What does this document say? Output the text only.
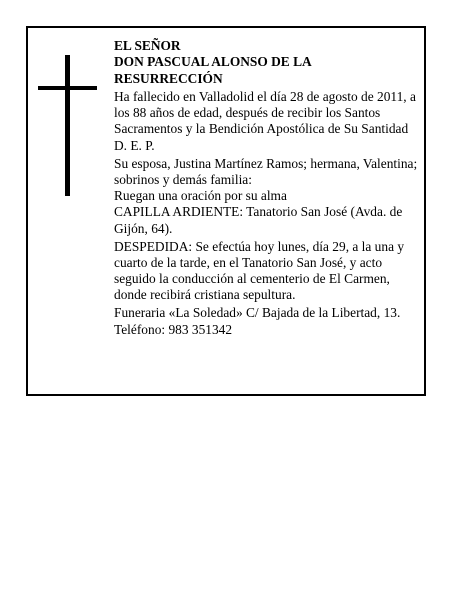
EL SEÑOR

DON PASCUAL ALONSO DE LA RESURRECCIÓN

Ha fallecido en Valladolid el día 28 de agosto de 2011, a los 88 años de edad, después de recibir los Santos Sacramentos y la Bendición Apostólica de Su Santidad

D. E. P.

Su esposa, Justina Martínez Ramos; hermana, Valentina; sobrinos y demás familia:

Ruegan una oración por su alma

CAPILLA ARDIENTE: Tanatorio San José (Avda. de Gijón, 64).

DESPEDIDA: Se efectúa hoy lunes, día 29, a la una y cuarto de la tarde, en el Tanatorio San José, y acto seguido la conducción al cementerio de El Carmen, donde recibirá cristiana sepultura.

Funeraria «La Soledad» C/ Bajada de la Libertad, 13.

Teléfono: 983 351342
